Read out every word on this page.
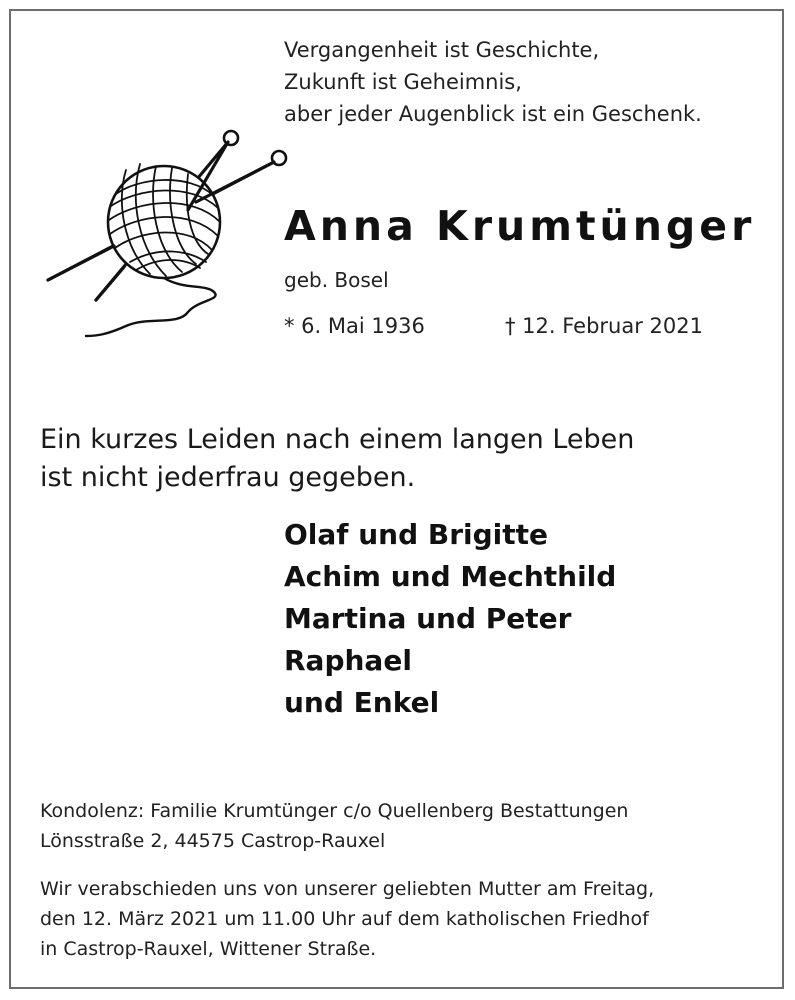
Vergangenheit ist Geschichte,
Zukunft ist Geheimnis,
aber jeder Augenblick ist ein Geschenk.
Anna Krumtünger
geb. Bosel
* 6. Mai 1936	† 12. Februar 2021
Ein kurzes Leiden nach einem langen Leben
ist nicht jederfrau gegeben.
Olaf und Brigitte
Achim und Mechthild
Martina und Peter
Raphael
und Enkel
Kondolenz: Familie Krumtünger c/o Quellenberg Bestattungen
Lönsstraße 2, 44575 Castrop-Rauxel
Wir verabschieden uns von unserer geliebten Mutter am Freitag,
den 12. März 2021 um 11.00 Uhr auf dem katholischen Friedhof
in Castrop-Rauxel, Wittener Straße.
